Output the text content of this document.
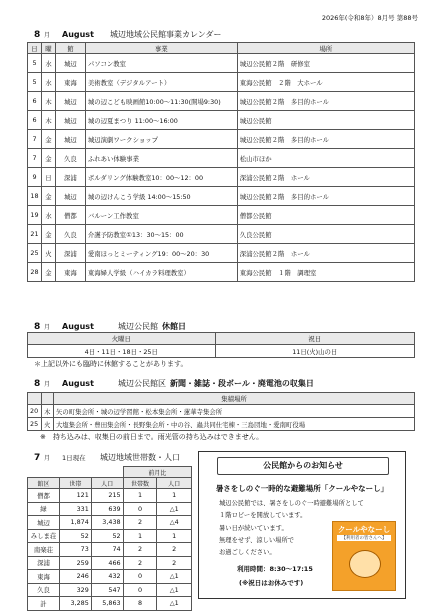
2026年(令和8年）8月号 第88号
8 月	August	城辺地域公民館事業カレンダー
日	曜	館	事業	場所
5	水	城辺	パソコン教室	城辺公民館２階　研修室
5	水	東海	美術教室（デジタルアート）	東海公民館　２階　大ホール
6	木	城辺	城の辺こども映画館10:00～11:30(開場9:30)	城辺公民館２階　多目的ホール
6	木	城辺	城の辺夏まつり 11:00～16:00	城辺公民館
7	金	城辺	城辺演劇ワークショップ	城辺公民館２階　多目的ホール
7	金	久良	ふれあい体験事業	松山市ほか
9	日	深浦	ボルダリング体験教室10：00～12：00	深浦公民館２階　ホール
18	金	城辺	城の辺けんこう学級 14:00～15:50	城辺公民館２階　多目的ホール
19	水	僧都	バルーン工作教室	僧都公民館
21	金	久良	介護予防教室①13：30～15：00	久良公民館
25	火	深浦	愛南ほっとミーティング19：00～20：30	深浦公民館２階　ホール
28	金	東海	東海婦人学級（ハイカラ料理教室）	東海公民館　１階　調理室
8 月	August	城辺公民館 休館日
火曜日	祝日
4日・11日・18日・25日	11日(火)山の日
＊上記以外にも臨時に休館することがあります。
8 月	August	城辺公民館区 新聞・雑誌・段ボール・廃電池の収集日
		集積場所
20	木	矢の町集会所・城の辺学習館・松本集会所・蓮華寺集会所
25	火	大塩集会所・豊田集会所・長野集会所・中の谷、蟲共同仕宅棟・三島団地・愛南町役場
※　持ち込みは、収集日の前日まで。雨光管の持ち込みはできません。
7 月	1日現在	城辺地域世帯数・人口
			前月比	
館区	世帯	人口	世帯数	人口
僧都	121	215	1	1
緑	331	639	0	△1
城辺	1,874	3,438	2	△4
みしま荘	52	52	1	1
南楽荘	73	74	2	2
深浦	259	466	2	2
東海	246	432	0	△1
久良	329	547	0	△1
計	3,285	5,863	8	△1
公民館からのお知らせ
暑さをしのぐ一時的な避難場所「クールやなーし」
城辺公民館では、暑さをしのぐ一時避難場所として
１階ロビーを開放しています。
暑い日が続いています。
無理をせず、涼しい場所で
お過ごしください。
クールやなーし
【利用者の皆さんへ】
利用時間：8:30～17:15
(※祝日はお休みです)
